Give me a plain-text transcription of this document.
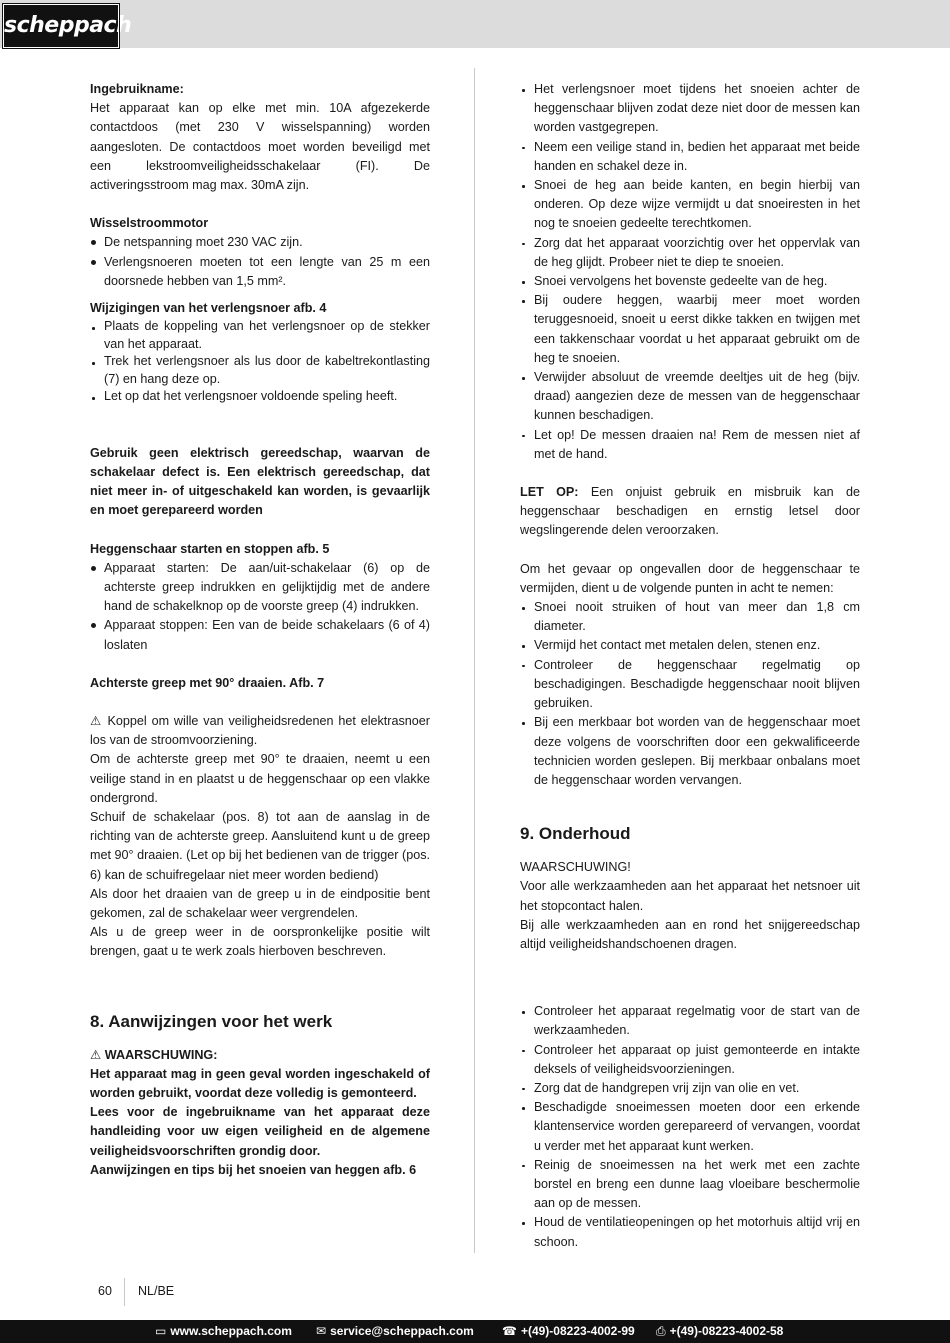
scheppach

Ingebruikname:

Het apparaat kan op elke met min. 10A afgezekerde contactdoos (met 230 V wisselspanning) worden aangesloten. De contactdoos moet worden beveiligd met een lekstroomveiligheidsschakelaar (FI). De activeringsstroom mag max. 30mA zijn.

Wisselstroommotor

De netspanning moet 230 VAC zijn.
Verlengsnoeren moeten tot een lengte van 25 m een doorsnede hebben van 1,5 mm².

Wijzigingen van het verlengsnoer afb. 4

Plaats de koppeling van het verlengsnoer op de stekker van het apparaat.
Trek het verlengsnoer als lus door de kabeltrekontlasting (7) en hang deze op.
Let op dat het verlengsnoer voldoende speling heeft.

Gebruik geen elektrisch gereedschap, waarvan de schakelaar defect is. Een elektrisch gereedschap, dat niet meer in- of uitgeschakeld kan worden, is gevaarlijk en moet gerepareerd worden

Heggenschaar starten en stoppen afb. 5

Apparaat starten: De aan/uit-schakelaar (6) op de achterste greep indrukken en gelijktijdig met de andere hand de schakelknop op de voorste greep (4) indrukken.
Apparaat stoppen: Een van de beide schakelaars (6 of 4) loslaten

Achterste greep met 90° draaien. Afb. 7

⚠ Koppel om wille van veiligheidsredenen het elektrasnoer los van de stroomvoorziening.

Om de achterste greep met 90° te draaien, neemt u een veilige stand in en plaatst u de heggenschaar op een vlakke ondergrond.

Schuif de schakelaar (pos. 8) tot aan de aanslag in de richting van de achterste greep. Aansluitend kunt u de greep met 90° draaien. (Let op bij het bedienen van de trigger (pos. 6) kan de schuifregelaar niet meer worden bediend)

Als door het draaien van de greep u in de eindpositie bent gekomen, zal de schakelaar weer vergrendelen.

Als u de greep weer in de oorspronkelijke positie wilt brengen, gaat u te werk zoals hierboven beschreven.

8. Aanwijzingen voor het werk

⚠ WAARSCHUWING:

Het apparaat mag in geen geval worden ingeschakeld of worden gebruikt, voordat deze volledig is gemonteerd.

Lees voor de ingebruikname van het apparaat deze handleiding voor uw eigen veiligheid en de algemene veiligheidsvoorschriften grondig door.

Aanwijzingen en tips bij het snoeien van heggen afb. 6

Het verlengsnoer moet tijdens het snoeien achter de heggenschaar blijven zodat deze niet door de messen kan worden vastgegrepen.
Neem een veilige stand in, bedien het apparaat met beide handen en schakel deze in.
Snoei de heg aan beide kanten, en begin hierbij van onderen. Op deze wijze vermijdt u dat snoeiresten in het nog te snoeien gedeelte terechtkomen.
Zorg dat het apparaat voorzichtig over het oppervlak van de heg glijdt. Probeer niet te diep te snoeien.
Snoei vervolgens het bovenste gedeelte van de heg.
Bij oudere heggen, waarbij meer moet worden teruggesnoeid, snoeit u eerst dikke takken en twijgen met een takkenschaar voordat u het apparaat gebruikt om de heg te snoeien.
Verwijder absoluut de vreemde deeltjes uit de heg (bijv. draad) aangezien deze de messen van de heggenschaar kunnen beschadigen.
Let op! De messen draaien na! Rem de messen niet af met de hand.

LET OP: Een onjuist gebruik en misbruik kan de heggenschaar beschadigen en ernstig letsel door wegslingerende delen veroorzaken.

Om het gevaar op ongevallen door de heggenschaar te vermijden, dient u de volgende punten in acht te nemen:

Snoei nooit struiken of hout van meer dan 1,8 cm diameter.
Vermijd het contact met metalen delen, stenen enz.
Controleer de heggenschaar regelmatig op beschadigingen. Beschadigde heggenschaar nooit blijven gebruiken.
Bij een merkbaar bot worden van de heggenschaar moet deze volgens de voorschriften door een gekwalificeerde technicien worden geslepen. Bij merkbaar onbalans moet de heggenschaar worden vervangen.
9. Onderhoud

WAARSCHUWING!

Voor alle werkzaamheden aan het apparaat het netsnoer uit het stopcontact halen.

Bij alle werkzaamheden aan en rond het snijgereedschap altijd veiligheidshandschoenen dragen.

Controleer het apparaat regelmatig voor de start van de werkzaamheden.
Controleer het apparaat op juist gemonteerde en intakte deksels of veiligheidsvoorzieningen.
Zorg dat de handgrepen vrij zijn van olie en vet.
Beschadigde snoeimessen moeten door een erkende klantenservice worden gerepareerd of vervangen, voordat u verder met het apparaat kunt werken.
Reinig de snoeimessen na het werk met een zachte borstel en breng een dunne laag vloeibare beschermolie aan op de messen.
Houd de ventilatieopeningen op het motorhuis altijd vrij en schoon.
60 NL/BE
▭ www.scheppach.com ✉ service@scheppach.com ☎ +(49)-08223-4002-99 ⎙ +(49)-08223-4002-58
